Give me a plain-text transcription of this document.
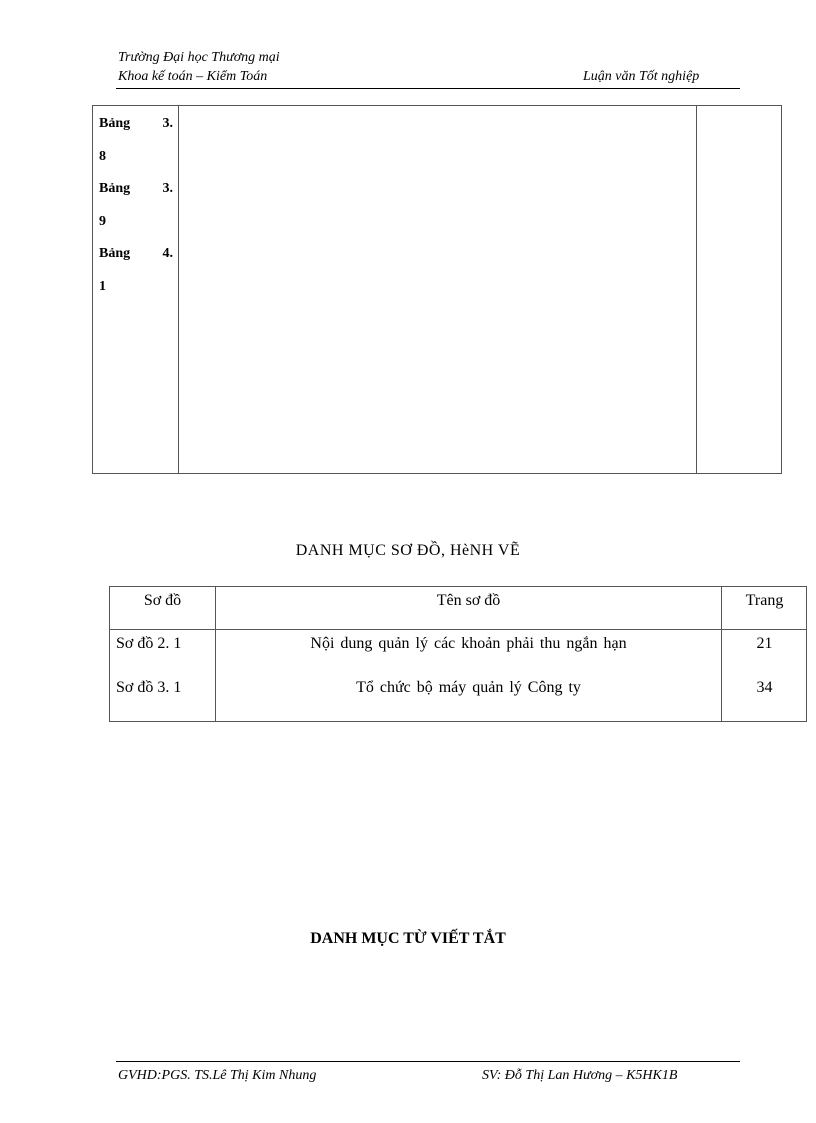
Trường Đại học Thương mại
Khoa kế toán – Kiểm Toán	Luận văn Tốt nghiệp
Bảng 3.
8
Bảng 3.
9
Bảng 4.
1
DANH MỤC SƠ ĐỒ, HèNH VẼ
Sơ đồ	Tên sơ đồ	Trang
Sơ đồ 2. 1	Nội dung quản lý các khoản phải thu ngắn hạn	21
Sơ đồ 3. 1	Tổ chức bộ máy quản lý Công ty	34
DANH MỤC TỪ VIẾT TẮT
GVHD:PGS. TS.Lê Thị Kim Nhung	SV: Đỗ Thị Lan Hương – K5HK1B
